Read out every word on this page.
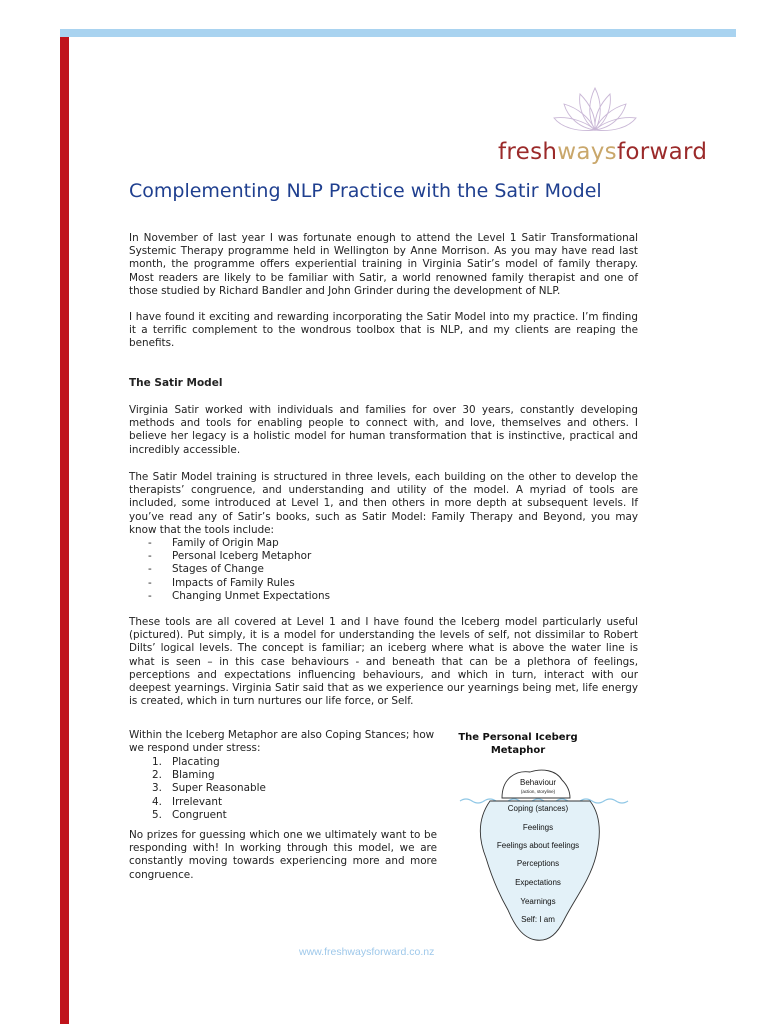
freshwaysforward
Complementing NLP Practice with the Satir Model

In November of last year I was fortunate enough to attend the Level 1 Satir Transformational Systemic Therapy programme held in Wellington by Anne Morrison. As you may have read last month, the programme offers experiential training in Virginia Satir’s model of family therapy. Most readers are likely to be familiar with Satir, a world renowned family therapist and one of those studied by Richard Bandler and John Grinder during the development of NLP.

I have found it exciting and rewarding incorporating the Satir Model into my practice. I’m finding it a terrific complement to the wondrous toolbox that is NLP, and my clients are reaping the benefits.

The Satir Model

Virginia Satir worked with individuals and families for over 30 years, constantly developing methods and tools for enabling people to connect with, and love, themselves and others. I believe her legacy is a holistic model for human transformation that is instinctive, practical and incredibly accessible.

The Satir Model training is structured in three levels, each building on the other to develop the therapists’ congruence, and understanding and utility of the model. A myriad of tools are included, some introduced at Level 1, and then others in more depth at subsequent levels. If you’ve read any of Satir’s books, such as Satir Model: Family Therapy and Beyond, you may know that the tools include:

- Family of Origin Map
- Personal Iceberg Metaphor
- Stages of Change
- Impacts of Family Rules
- Changing Unmet Expectations

These tools are all covered at Level 1 and I have found the Iceberg model particularly useful (pictured). Put simply, it is a model for understanding the levels of self, not dissimilar to Robert Dilts’ logical levels. The concept is familiar; an iceberg where what is above the water line is what is seen – in this case behaviours - and beneath that can be a plethora of feelings, perceptions and expectations influencing behaviours, and which in turn, interact with our deepest yearnings. Virginia Satir said that as we experience our yearnings being met, life energy is created, which in turn nurtures our life force, or Self.

Within the Iceberg Metaphor are also Coping Stances; how we respond under stress:

1. Placating
2. Blaming
3. Super Reasonable
4. Irrelevant
5. Congruent

No prizes for guessing which one we ultimately want to be responding with! In working through this model, we are constantly moving towards experiencing more and more congruence.

The Personal Iceberg
Metaphor
Behaviour
(action, storyline)
Coping (stances)
Feelings
Feelings about feelings
Perceptions
Expectations
Yearnings
Self: I am
www.freshwaysforward.co.nz
